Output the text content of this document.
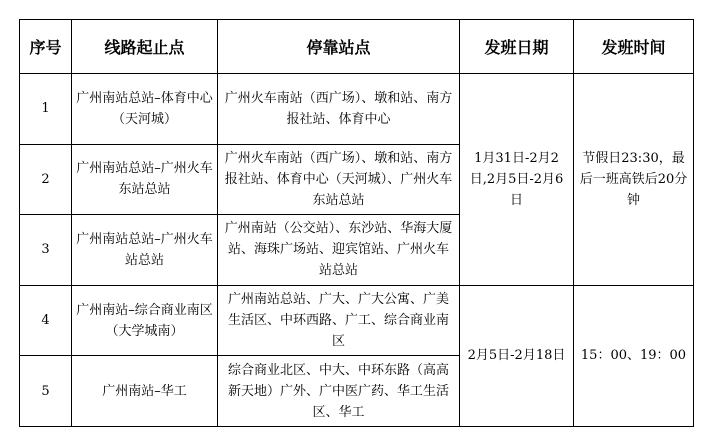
序号	线路起止点	停靠站点	发班日期	发班时间
1	广州南站总站–体育中心（天河城）	广州火车南站（西广场）、墩和站、南方报社站、体育中心	1月31日-2月2日,2月5日-2月6日	节假日23:30，最后一班高铁后20分钟
2	广州南站总站–广州火车东站总站	广州火车南站（西广场）、墩和站、南方报社站、体育中心（天河城）、广州火车东站总站		
3	广州南站总站–广州火车站总站	广州南站（公交站）、东沙站、华海大厦站、海珠广场站、迎宾馆站、广州火车站总站		
4	广州南站–综合商业南区（大学城南）	广州南站总站、广大、广大公寓、广美生活区、中环西路、广工、综合商业南区	2月5日-2月18日	15：00、19：00
5	广州南站–华工	综合商业北区、中大、中环东路（高高新天地）广外、广中医广药、华工生活区、华工		
